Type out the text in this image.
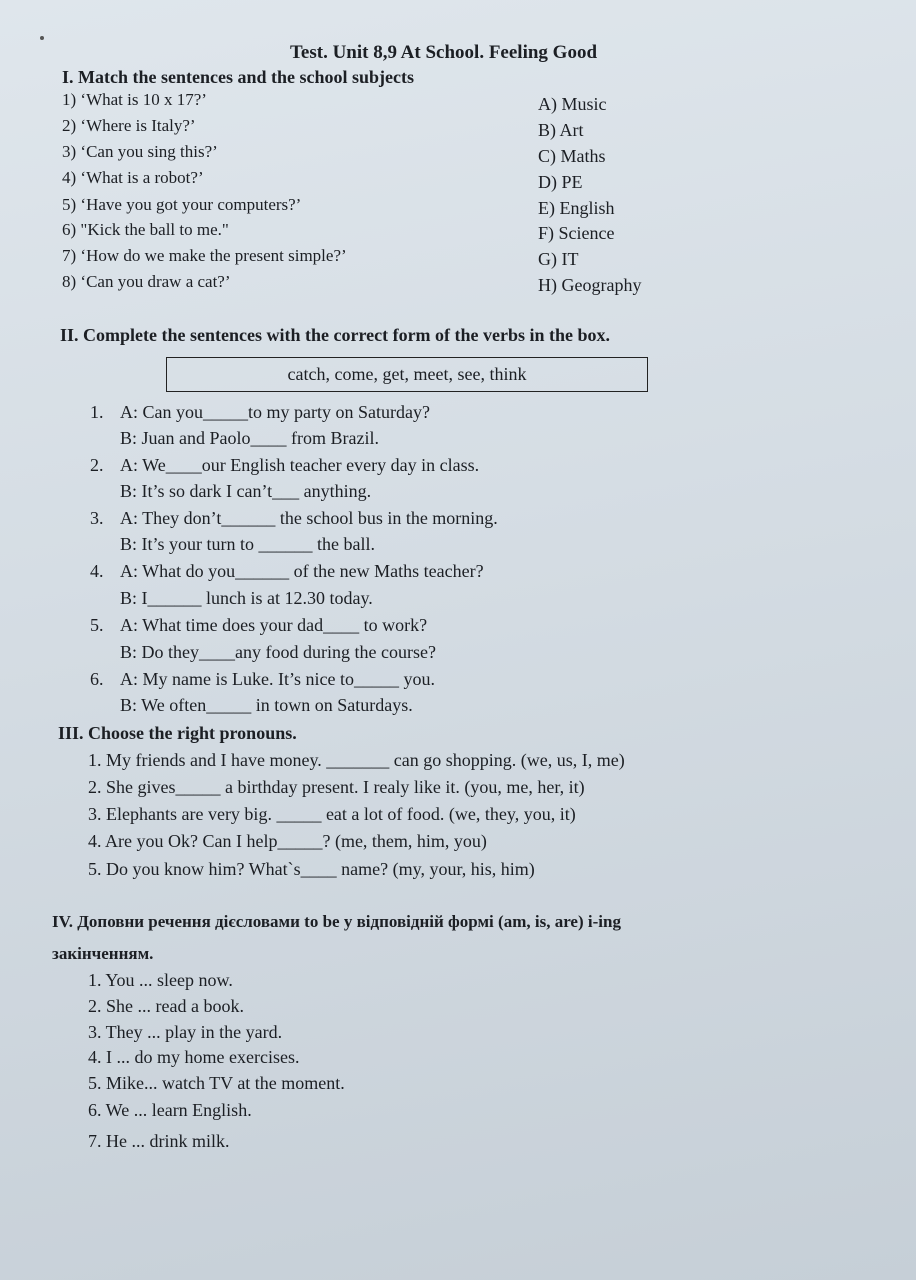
Test. Unit 8,9 At School. Feeling Good
I. Match the sentences and the school subjects
1) ‘What is 10 x 17?’
2) ‘Where is Italy?’
3) ‘Can you sing this?’
4) ‘What is a robot?’
5) ‘Have you got your computers?’
6) "Kick the ball to me."
7) ‘How do we make the present simple?’
8) ‘Can you draw a cat?’
A) Music
B) Art
C) Maths
D) PE
E) English
F) Science
G) IT
H) Geography
II. Complete the sentences with the correct form of the verbs in the box.
catch, come, get, meet, see, think
1. A: Can you_____to my party on Saturday?
B: Juan and Paolo____ from Brazil.
2. A: We____our English teacher every day in class.
B: It’s so dark I can’t___ anything.
3. A: They don’t______ the school bus in the morning.
B: It’s your turn to ______ the ball.
4. A: What do you______ of the new Maths teacher?
B: I______ lunch is at 12.30 today.
5. A: What time does your dad____ to work?
B: Do they____any food during the course?
6. A: My name is Luke. It’s nice to_____ you.
B: We often_____ in town on Saturdays.
III. Choose the right pronouns.
1. My friends and I have money. _______ can go shopping. (we, us, I, me)
2. She gives_____ a birthday present. I realy like it. (you, me, her, it)
3. Elephants are very big. _____ eat a lot of food. (we, they, you, it)
4. Are you Ok? Can I help_____? (me, them, him, you)
5. Do you know him? What`s____ name? (my, your, his, him)
IV. Доповни речення дієсловами to be у відповідній формі (am, is, are) i-ing
закінченням.
1. You ... sleep now.
2. She ... read a book.
3. They ... play in the yard.
4. I ... do my home exercises.
5. Mike... watch TV at the moment.
6. We ... learn English.
7. He ... drink milk.
